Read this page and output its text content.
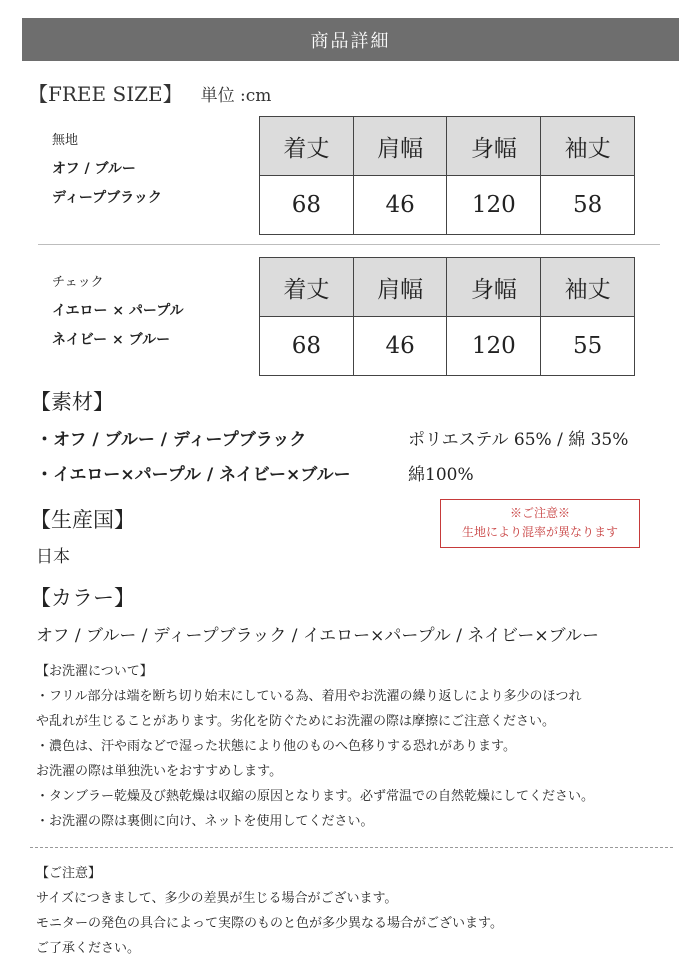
商品詳細
【FREE SIZE】 単位 :cm
無地
オフ / ブルー
ディープブラック
着丈	肩幅	身幅	袖丈
68	46	120	58
チェック
イエロー × パープル
ネイビー × ブルー
着丈	肩幅	身幅	袖丈
68	46	120	55
【素材】
・オフ / ブルー / ディープブラック	ポリエステル 65% / 綿 35%
・イエロー×パープル / ネイビー×ブルー	綿100%
【生産国】
日本
※ご注意※
生地により混率が異なります
【カラー】
オフ / ブルー / ディープブラック / イエロー×パープル / ネイビー×ブルー
【お洗濯について】
・フリル部分は端を断ち切り始末にしている為、着用やお洗濯の繰り返しにより多少のほつれ
や乱れが生じることがあります。劣化を防ぐためにお洗濯の際は摩擦にご注意ください。
・濃色は、汗や雨などで湿った状態により他のものへ色移りする恐れがあります。
お洗濯の際は単独洗いをおすすめします。
・タンブラー乾燥及び熱乾燥は収縮の原因となります。必ず常温での自然乾燥にしてください。
・お洗濯の際は裏側に向け、ネットを使用してください。
【ご注意】
サイズにつきまして、多少の差異が生じる場合がございます。
モニターの発色の具合によって実際のものと色が多少異なる場合がございます。
ご了承ください。
